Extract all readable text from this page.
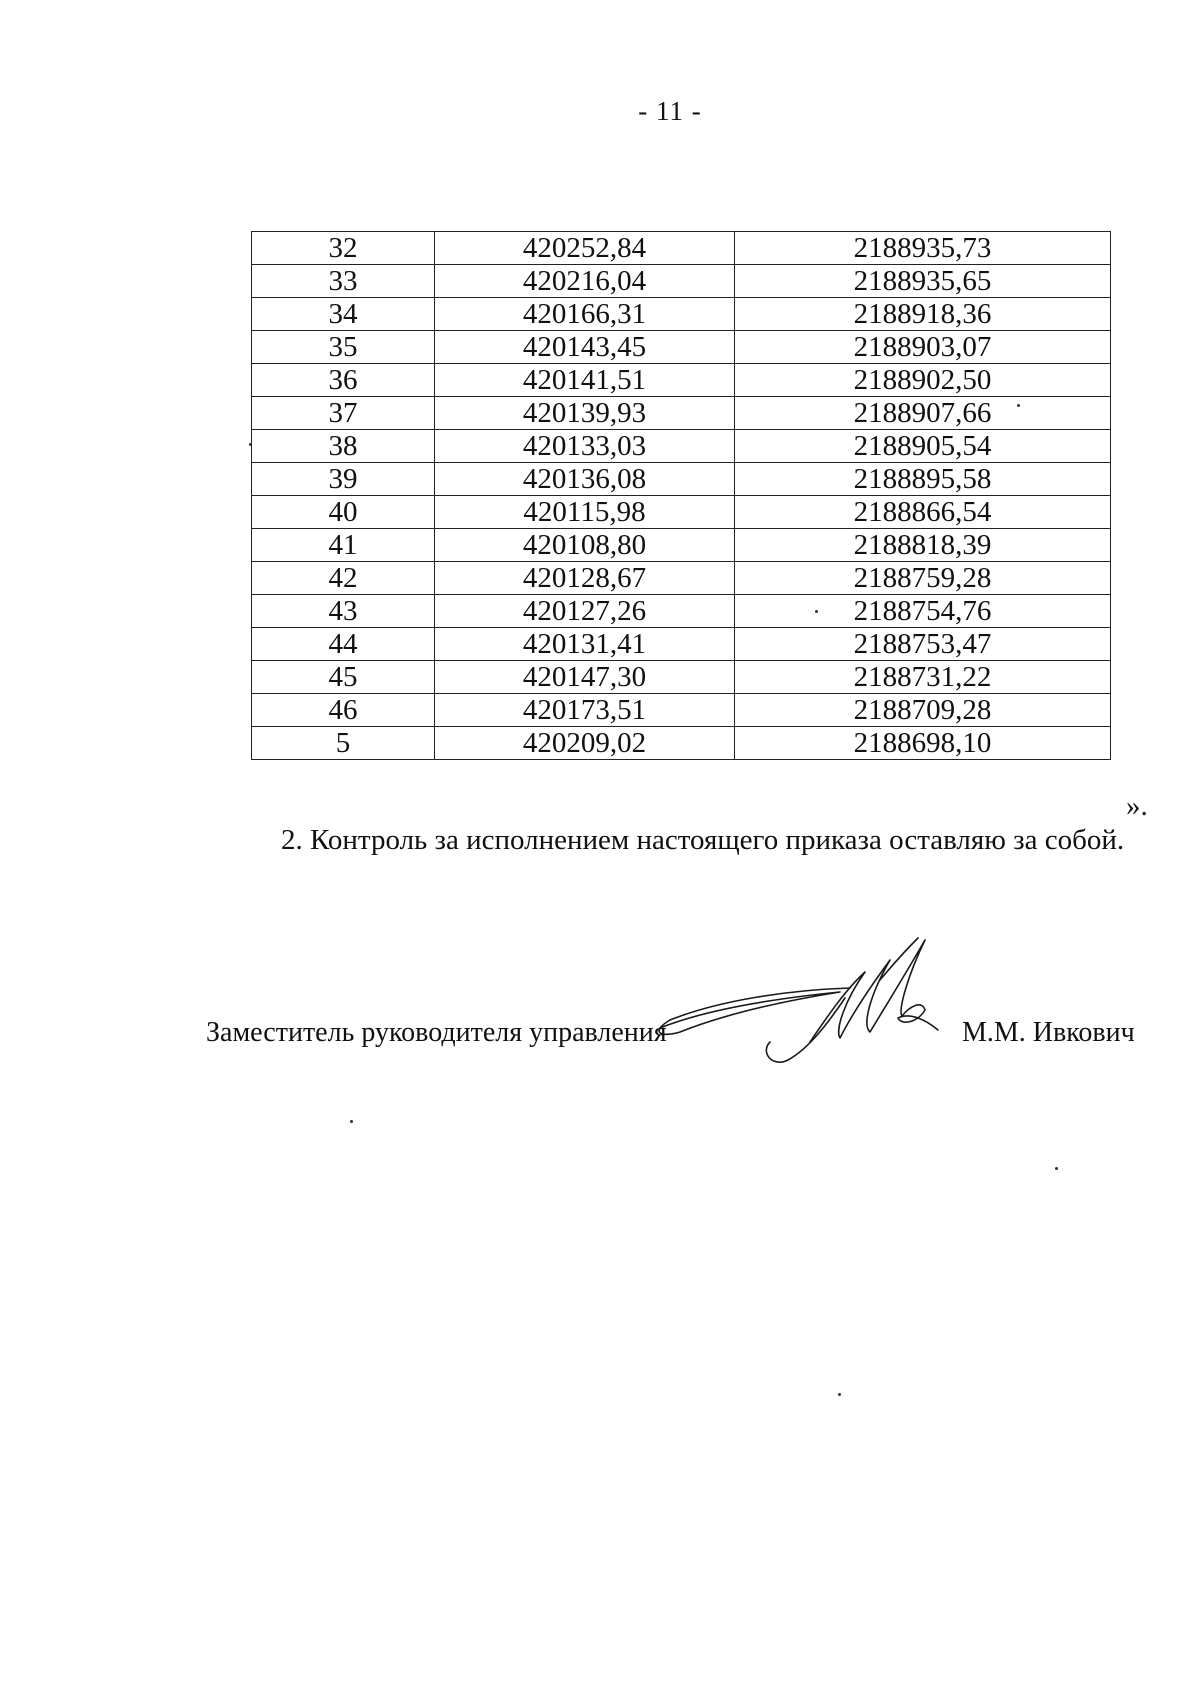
- 11 -
32	420252,84	2188935,73
33	420216,04	2188935,65
34	420166,31	2188918,36
35	420143,45	2188903,07
36	420141,51	2188902,50
37	420139,93	2188907,66
38	420133,03	2188905,54
39	420136,08	2188895,58
40	420115,98	2188866,54
41	420108,80	2188818,39
42	420128,67	2188759,28
43	420127,26	2188754,76
44	420131,41	2188753,47
45	420147,30	2188731,22
46	420173,51	2188709,28
5	420209,02	2188698,10
».
2. Контроль за исполнением настоящего приказа оставляю за собой.
Заместитель руководителя управления	М.М. Ивкович
